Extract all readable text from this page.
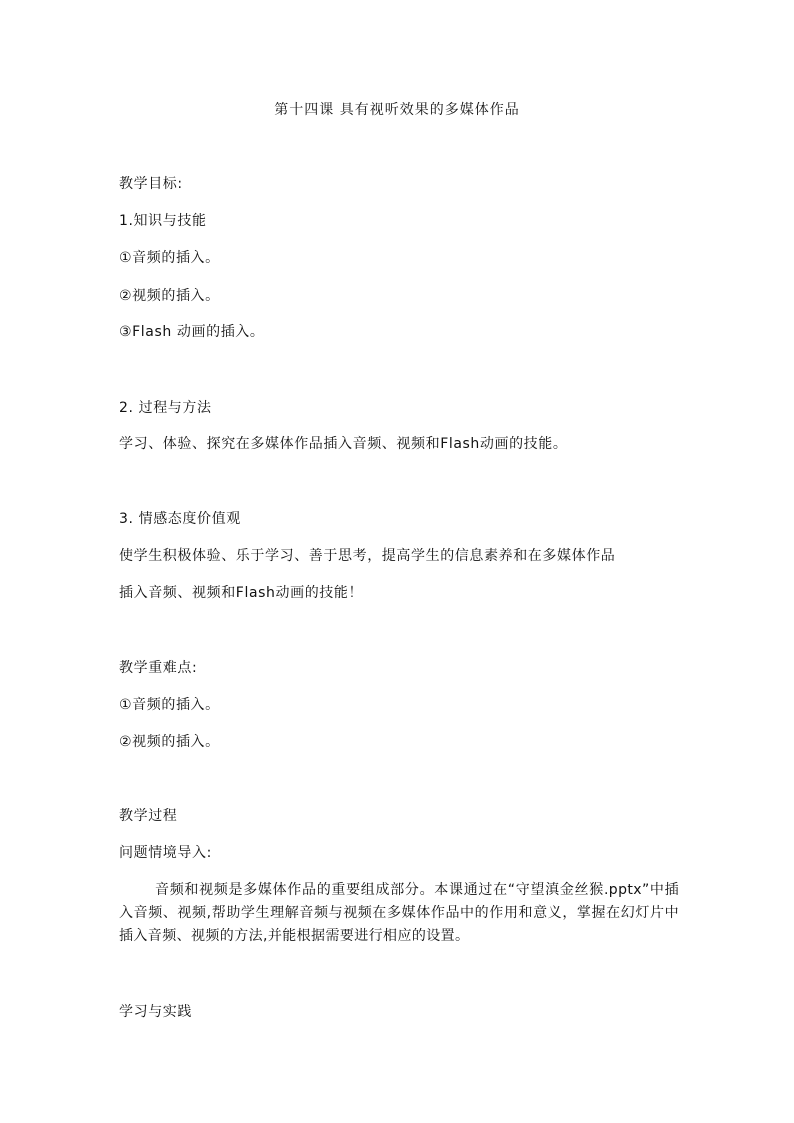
第十四课 具有视听效果的多媒体作品
教学目标:
1.知识与技能
①音频的插入。
②视频的插入。
③Flash 动画的插入。
2. 过程与方法
学习、体验、探究在多媒体作品插入音频、视频和Flash动画的技能。
3. 情感态度价值观
使学生积极体验、乐于学习、善于思考，提高学生的信息素养和在多媒体作品
插入音频、视频和Flash动画的技能！
教学重难点:
①音频的插入。
②视频的插入。
教学过程
问题情境导入:
音频和视频是多媒体作品的重要组成部分。本课通过在“守望滇金丝猴.pptx”中插入音频、视频,帮助学生理解音频与视频在多媒体作品中的作用和意义，掌握在幻灯片中插入音频、视频的方法,并能根据需要进行相应的设置。
学习与实践
